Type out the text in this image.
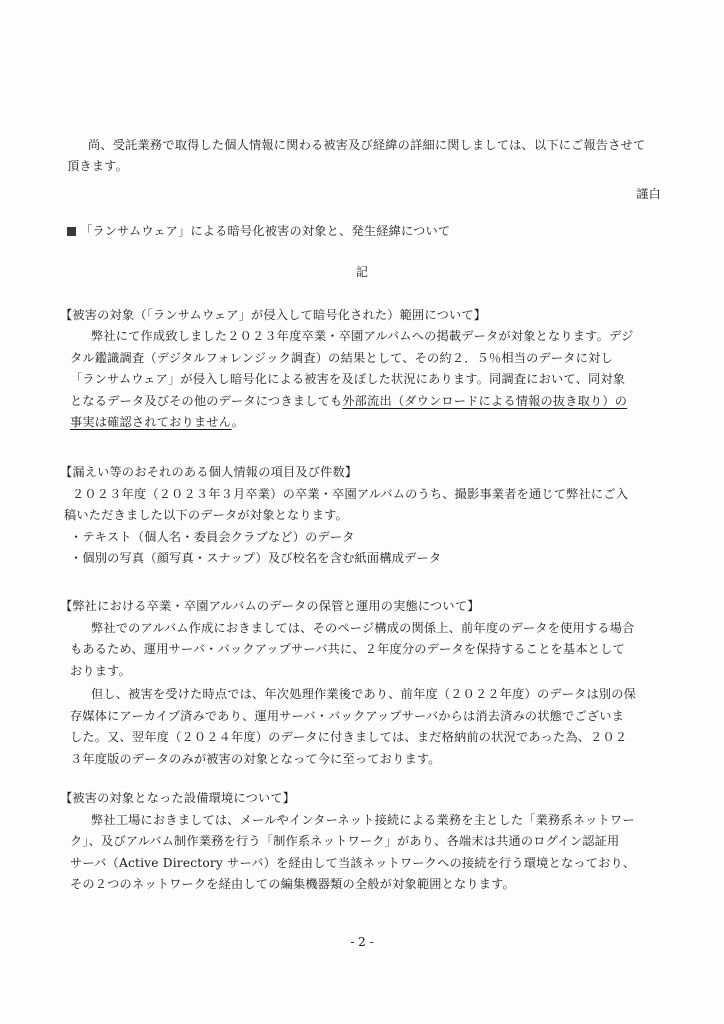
尚、受託業務で取得した個人情報に関わる被害及び経緯の詳細に関しましては、以下にご報告させて
頂きます。
謹白
「ランサムウェア」による暗号化被害の対象と、発生経緯について
記
【被害の対象（「ランサムウェア」が侵入して暗号化された）範囲について】
弊社にて作成致しました２０２３年度卒業・卒園アルバムへの掲載データが対象となります。デジ
タル鑑識調査（デジタルフォレンジック調査）の結果として、その約２．５％相当のデータに対し
「ランサムウェア」が侵入し暗号化による被害を及ぼした状況にあります。同調査において、同対象
となるデータ及びその他のデータにつきましても外部流出（ダウンロードによる情報の抜き取り）の
事実は確認されておりません。
【漏えい等のおそれのある個人情報の項目及び件数】
２０２３年度（２０２３年３月卒業）の卒業・卒園アルバムのうち、撮影事業者を通じて弊社にご入
稿いただきました以下のデータが対象となります。
・テキスト（個人名・委員会クラブなど）のデータ
・個別の写真（顔写真・スナップ）及び校名を含む紙面構成データ
【弊社における卒業・卒園アルバムのデータの保管と運用の実態について】
弊社でのアルバム作成におきましては、そのページ構成の関係上、前年度のデータを使用する場合
もあるため、運用サーバ・バックアップサーバ共に、２年度分のデータを保持することを基本として
おります。
但し、被害を受けた時点では、年次処理作業後であり、前年度（２０２２年度）のデータは別の保
存媒体にアーカイブ済みであり、運用サーバ・バックアップサーバからは消去済みの状態でございま
した。又、翌年度（２０２４年度）のデータに付きましては、まだ格納前の状況であった為、２０２
３年度版のデータのみが被害の対象となって今に至っております。
【被害の対象となった設備環境について】
弊社工場におきましては、メールやインターネット接続による業務を主とした「業務系ネットワー
ク」、及びアルバム制作業務を行う「制作系ネットワーク」があり、各端末は共通のログイン認証用
サーバ（Active Directory サーバ）を経由して当該ネットワークへの接続を行う環境となっており、
その２つのネットワークを経由しての編集機器類の全般が対象範囲となります。
- 2 -
